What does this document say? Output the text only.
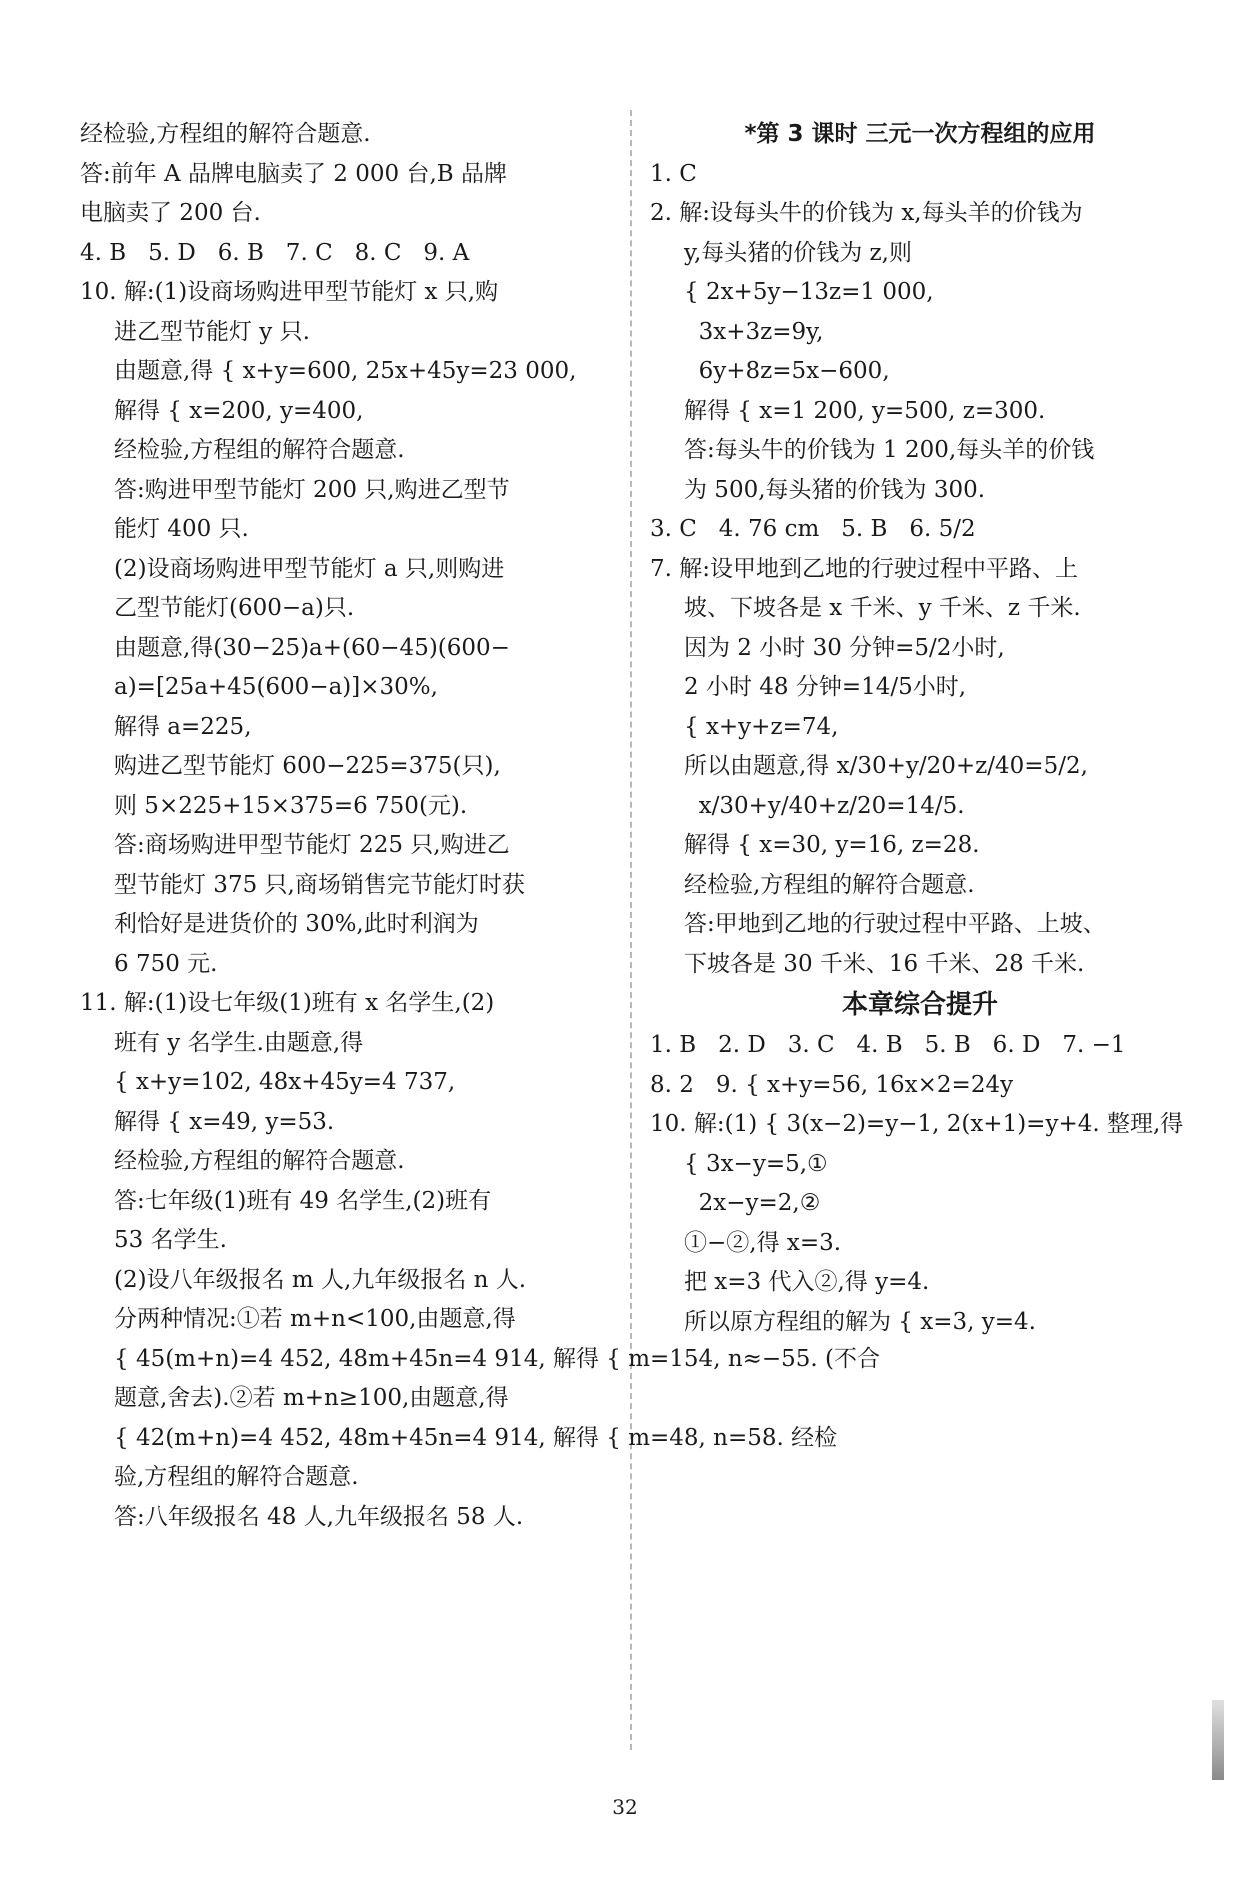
经检验,方程组的解符合题意.
答:前年 A 品牌电脑卖了 2 000 台,B 品牌
电脑卖了 200 台.
4. B   5. D   6. B   7. C   8. C   9. A
10. 解:(1)设商场购进甲型节能灯 x 只,购
进乙型节能灯 y 只.
由题意,得 { x+y=600, 25x+45y=23 000,
解得 { x=200, y=400,
经检验,方程组的解符合题意.
答:购进甲型节能灯 200 只,购进乙型节
能灯 400 只.
(2)设商场购进甲型节能灯 a 只,则购进
乙型节能灯(600−a)只.
由题意,得(30−25)a+(60−45)(600−
a)=[25a+45(600−a)]×30%,
解得 a=225,
购进乙型节能灯 600−225=375(只),
则 5×225+15×375=6 750(元).
答:商场购进甲型节能灯 225 只,购进乙
型节能灯 375 只,商场销售完节能灯时获
利恰好是进货价的 30%,此时利润为
6 750 元.
11. 解:(1)设七年级(1)班有 x 名学生,(2)
班有 y 名学生.由题意,得
{ x+y=102, 48x+45y=4 737,
解得 { x=49, y=53.
经检验,方程组的解符合题意.
答:七年级(1)班有 49 名学生,(2)班有
53 名学生.
(2)设八年级报名 m 人,九年级报名 n 人.
分两种情况:①若 m+n<100,由题意,得
{ 45(m+n)=4 452, 48m+45n=4 914, 解得 { m=154, n≈−55. (不合
题意,舍去).②若 m+n≥100,由题意,得
{ 42(m+n)=4 452, 48m+45n=4 914, 解得 { m=48, n=58. 经检
验,方程组的解符合题意.
答:八年级报名 48 人,九年级报名 58 人.
*第 3 课时 三元一次方程组的应用
1. C
2. 解:设每头牛的价钱为 x,每头羊的价钱为
y,每头猪的价钱为 z,则
{ 2x+5y−13z=1 000,
3x+3z=9y,
6y+8z=5x−600,
解得 { x=1 200, y=500, z=300.
答:每头牛的价钱为 1 200,每头羊的价钱
为 500,每头猪的价钱为 300.
3. C   4. 76 cm   5. B   6. 5/2
7. 解:设甲地到乙地的行驶过程中平路、上
坡、下坡各是 x 千米、y 千米、z 千米.
因为 2 小时 30 分钟=5/2小时,
2 小时 48 分钟=14/5小时,
{ x+y+z=74,
所以由题意,得 x/30+y/20+z/40=5/2,
x/30+y/40+z/20=14/5.
解得 { x=30, y=16, z=28.
经检验,方程组的解符合题意.
答:甲地到乙地的行驶过程中平路、上坡、
下坡各是 30 千米、16 千米、28 千米.
本章综合提升
1. B   2. D   3. C   4. B   5. B   6. D   7. −1
8. 2   9. { x+y=56, 16x×2=24y
10. 解:(1) { 3(x−2)=y−1, 2(x+1)=y+4. 整理,得
{ 3x−y=5,①
2x−y=2,②
①−②,得 x=3.
把 x=3 代入②,得 y=4.
所以原方程组的解为 { x=3, y=4.
32
